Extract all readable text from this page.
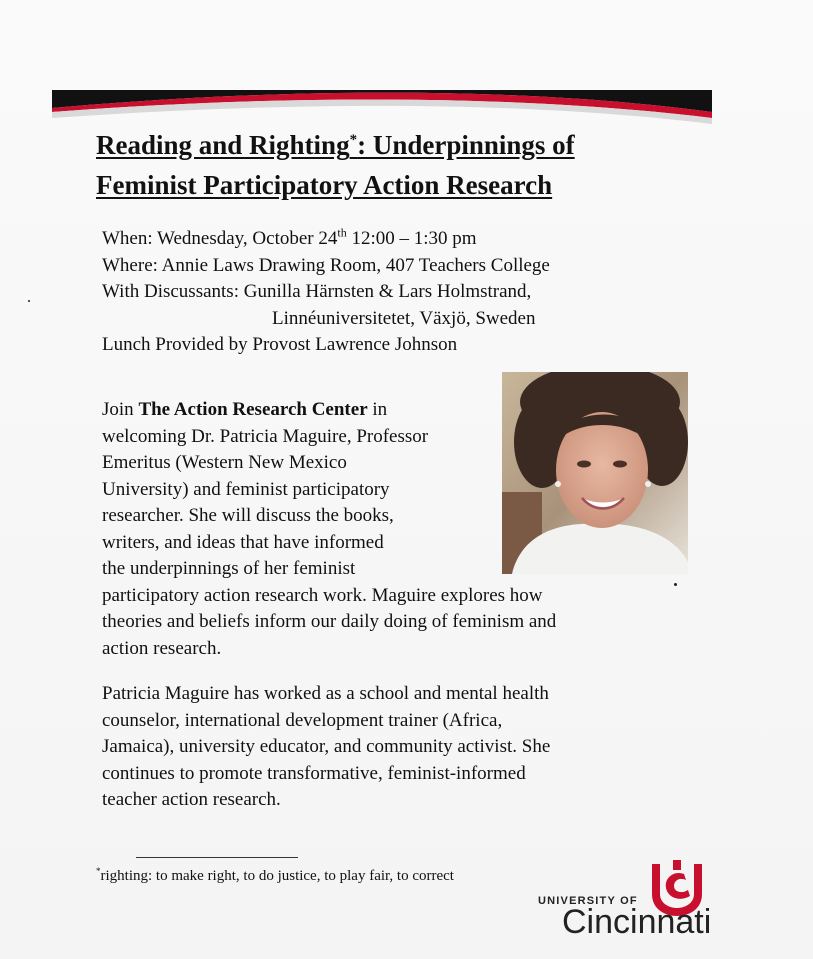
Reading and Righting*: Underpinnings of
Feminist Participatory Action Research
When: Wednesday, October 24th 12:00 – 1:30 pm
Where: Annie Laws Drawing Room, 407 Teachers College
With Discussants: Gunilla Härnsten & Lars Holmstrand,
Linnéuniversitetet, Växjö, Sweden
Lunch Provided by Provost Lawrence Johnson
Join The Action Research Center in
welcoming Dr. Patricia Maguire, Professor
Emeritus (Western New Mexico
University) and feminist participatory
researcher. She will discuss the books,
writers, and ideas that have informed
the underpinnings of her feminist
participatory action research work. Maguire explores how
theories and beliefs inform our daily doing of feminism and
action research.
Patricia Maguire has worked as a school and mental health
counselor, international development trainer (Africa,
Jamaica), university educator, and community activist. She
continues to promote transformative, feminist-informed
teacher action research.
*righting: to make right, to do justice, to play fair, to correct
UNIVERSITY OF
Cincinnati
